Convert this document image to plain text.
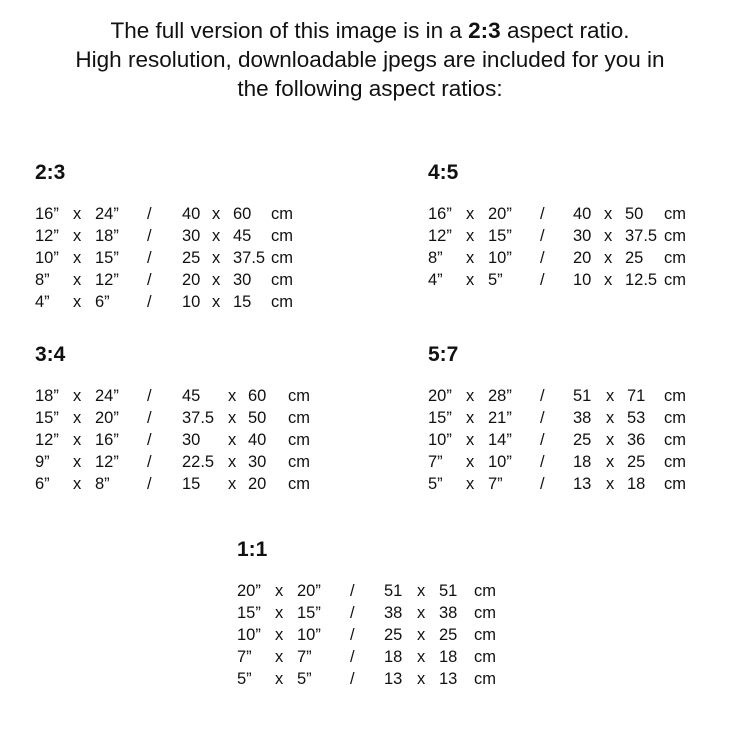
The full version of this image is in a 2:3 aspect ratio.
High resolution, downloadable jpegs are included for you in
the following aspect ratios:
2:3
16” x 24” / 40 x 60 cm
12” x 18” / 30 x 45 cm
10” x 15” / 25 x 37.5 cm
8” x 12” / 20 x 30 cm
4” x 6” / 10 x 15 cm
4:5
16” x 20” / 40 x 50 cm
12” x 15” / 30 x 37.5 cm
8” x 10” / 20 x 25 cm
4” x 5” / 10 x 12.5 cm
3:4
18” x 24” / 45 x 60 cm
15” x 20” / 37.5 x 50 cm
12” x 16” / 30 x 40 cm
9” x 12” / 22.5 x 30 cm
6” x 8” / 15 x 20 cm
5:7
20” x 28” / 51 x 71 cm
15” x 21” / 38 x 53 cm
10” x 14” / 25 x 36 cm
7” x 10” / 18 x 25 cm
5” x 7” / 13 x 18 cm
1:1
20” x 20” / 51 x 51 cm
15” x 15” / 38 x 38 cm
10” x 10” / 25 x 25 cm
7” x 7” / 18 x 18 cm
5” x 5” / 13 x 13 cm
